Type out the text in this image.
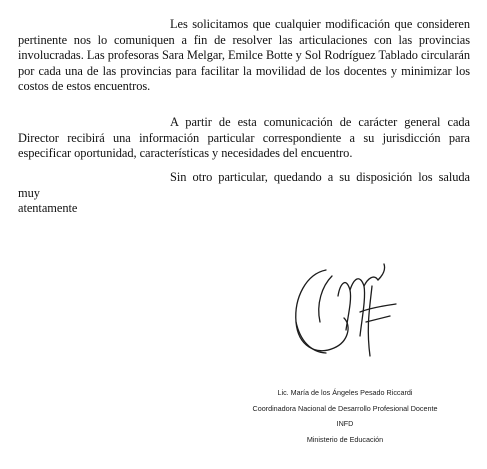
Les solicitamos que cualquier modificación que consideren pertinente nos lo comuniquen a fin de resolver las articulaciones con las provincias involucradas. Las profesoras Sara Melgar, Emilce Botte y Sol Rodríguez Tablado circularán por cada una de las provincias para facilitar la movilidad de los docentes y minimizar los costos de estos encuentros.

A partir de esta comunicación de carácter general cada Director recibirá una información particular correspondiente a su jurisdicción para especificar oportunidad, características y necesidades del encuentro.

Sin otro particular, quedando a su disposición los saluda muy
atentamente

Lic. María de los Ángeles Pesado Riccardi
Coordinadora Nacional de Desarrollo Profesional Docente
INFD
Ministerio de Educación
